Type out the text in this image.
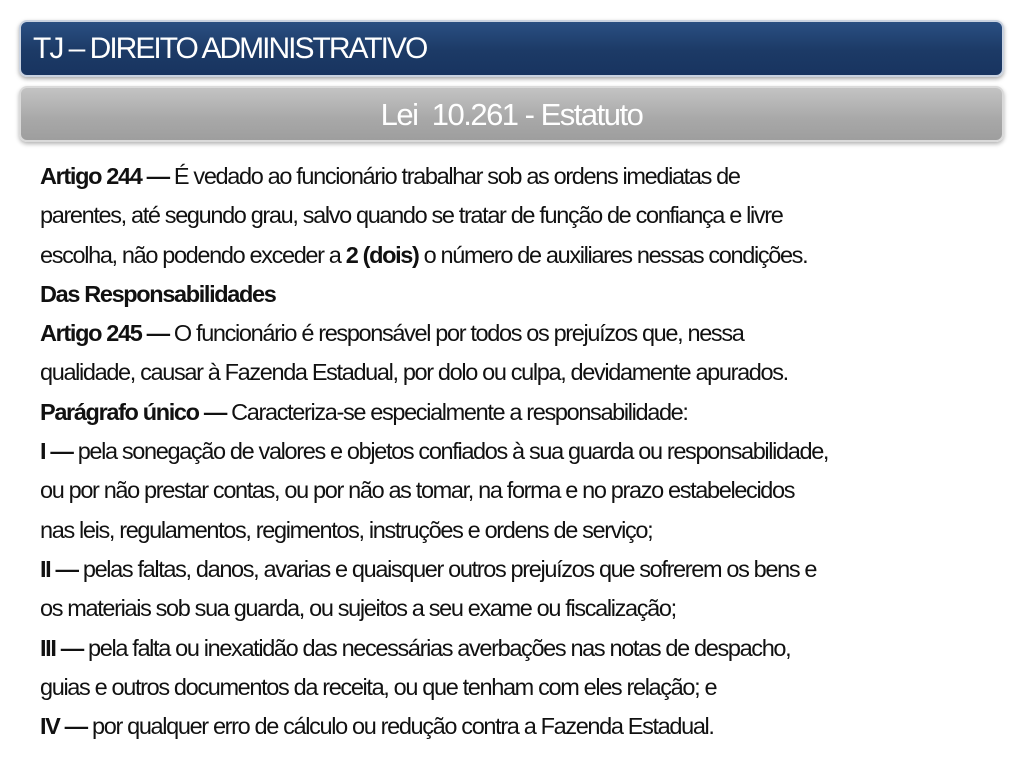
TJ – DIREITO ADMINISTRATIVO
Lei  10.261 - Estatuto
Artigo 244 — É vedado ao funcionário trabalhar sob as ordens imediatas de
parentes, até segundo grau, salvo quando se tratar de função de confiança e livre
escolha, não podendo exceder a 2 (dois) o número de auxiliares nessas condições.
Das Responsabilidades
Artigo 245 — O funcionário é responsável por todos os prejuízos que, nessa
qualidade, causar à Fazenda Estadual, por dolo ou culpa, devidamente apurados.
Parágrafo único — Caracteriza-se especialmente a responsabilidade:
I — pela sonegação de valores e objetos confiados à sua guarda ou responsabilidade,
ou por não prestar contas, ou por não as tomar, na forma e no prazo estabelecidos
nas leis, regulamentos, regimentos, instruções e ordens de serviço;
II — pelas faltas, danos, avarias e quaisquer outros prejuízos que sofrerem os bens e
os materiais sob sua guarda, ou sujeitos a seu exame ou fiscalização;
III — pela falta ou inexatidão das necessárias averbações nas notas de despacho,
guias e outros documentos da receita, ou que tenham com eles relação; e
IV — por qualquer erro de cálculo ou redução contra a Fazenda Estadual.
